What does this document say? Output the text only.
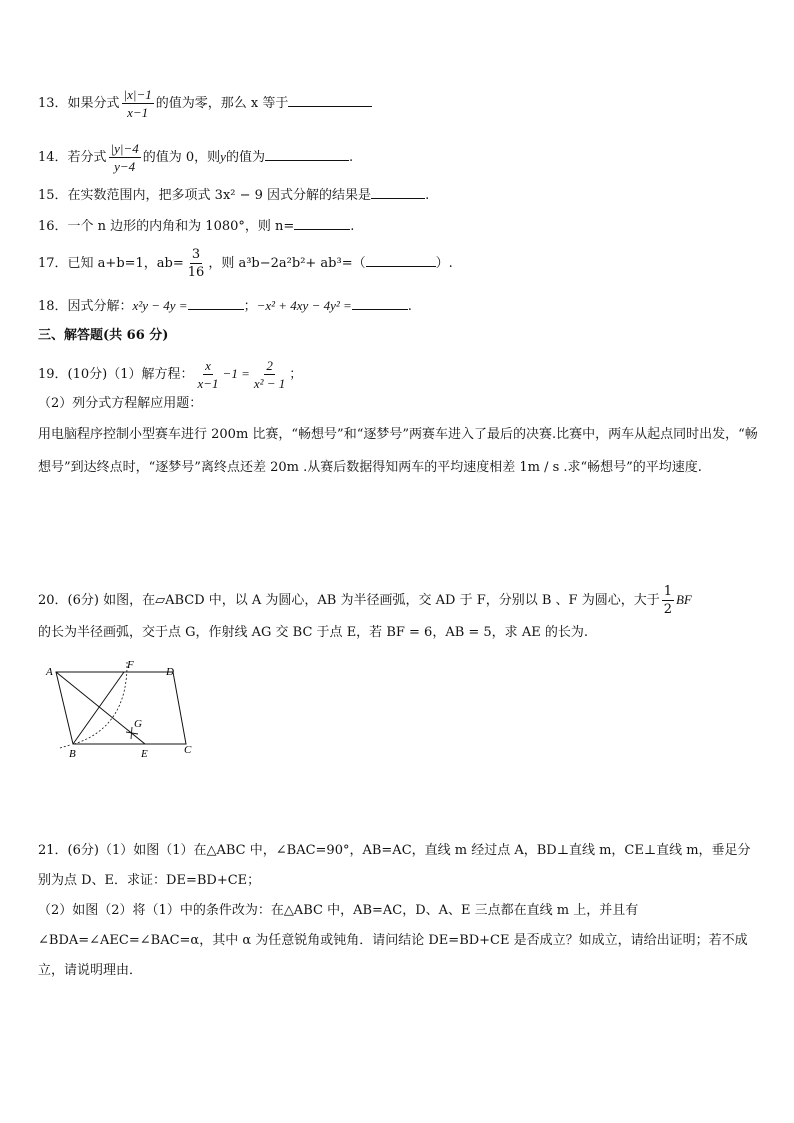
13．如果分式 $\frac{|x|-1}{x-1}$ 的值为零，那么 x 等于
14．若分式 $\frac{|y|-4}{y-4}$ 的值为 0，则y的值为	.
15．在实数范围内，把多项式 3x² − 9 因式分解的结果是	.
16．一个 n 边形的内角和为 1080°，则 n=	.
17．已知 a+b=1，$ab= \frac{3}{16}$ ，则 a³b−2a²b²+ ab³=（	）.
18．因式分解：x²y − 4y =	；−x² + 4xy − 4y² =	.
三、解答题(共 66 分)
19．(10分)（1）解方程： $\frac{x}{x-1} -1 = \frac{2}{\text{x² − 1}}$ ；
（2）列分式方程解应用题：
用电脑程序控制小型赛车进行 200m 比赛，“畅想号”和“逐梦号”两赛车进入了最后的决赛.比赛中，两车从起点同时出发，“畅想号”到达终点时，“逐梦号”离终点还差 20m .从赛后数据得知两车的平均速度相差 1m / s .求“畅想号”的平均速度.
20．(6分) 如图，在▱ABCD 中，以 A 为圆心，AB 为半径画弧，交 AD 于 F，分别以 B 、F 为圆心，大于 $\frac{1}{2}$ BF
的长为半径画弧，交于点 G，作射线 AG 交 BC 于点 E，若 BF = 6，AB = 5，求 AE 的长为.
A
F
D
G
B	E	C
21．(6分)（1）如图（1）在△ABC 中，∠BAC=90°，AB=AC，直线 m 经过点 A，BD⊥直线 m，CE⊥直线 m，垂足分别为点 D、E．求证：DE=BD+CE；
（2）如图（2）将（1）中的条件改为：在△ABC 中，AB=AC，D、A、E 三点都在直线 m 上，并且有∠BDA=∠AEC=∠BAC=α，其中 α 为任意锐角或钝角．请问结论 DE=BD+CE 是否成立？如成立，请给出证明；若不成立，请说明理由．
